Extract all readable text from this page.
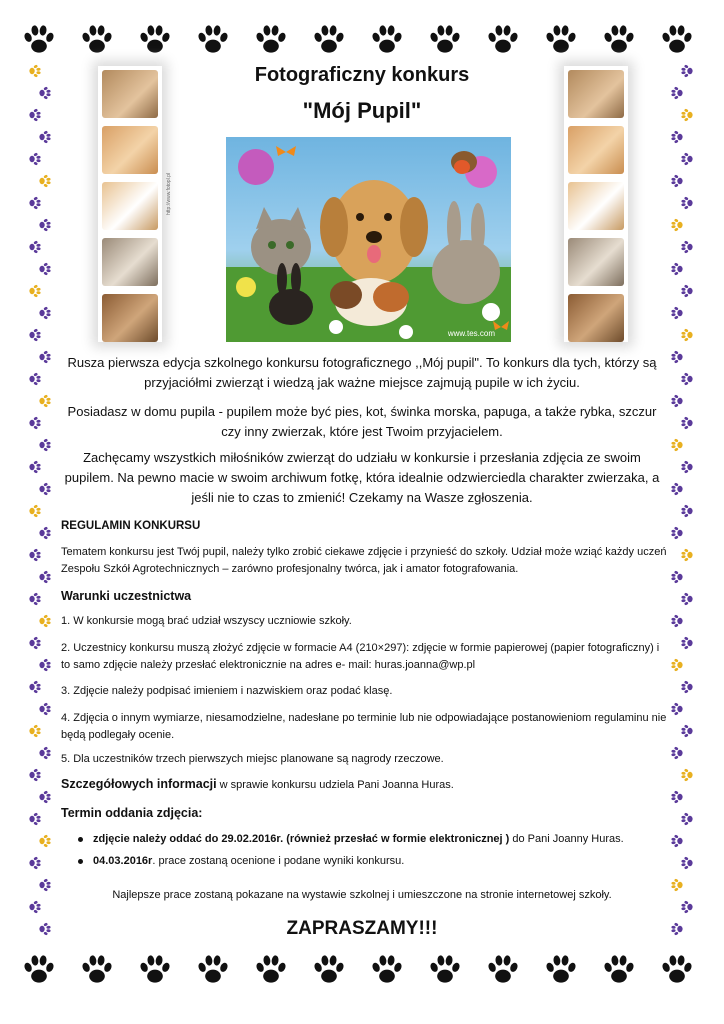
http://www.fotopl.pl
Fotograficzny konkurs
"Mój Pupil"
www.tes.com
Rusza pierwsza edycja szkolnego konkursu fotograficznego ,,Mój pupil". To konkurs dla tych, którzy są przyjaciółmi zwierząt i wiedzą jak ważne miejsce zajmują pupile w ich życiu.
Posiadasz w domu pupila - pupilem może być pies, kot, świnka morska, papuga, a także rybka, szczur czy inny zwierzak, które jest Twoim przyjacielem.
Zachęcamy wszystkich miłośników zwierząt do udziału w konkursie i przesłania zdjęcia ze swoim pupilem. Na pewno macie w swoim archiwum fotkę, która idealnie odzwierciedla charakter zwierzaka, a jeśli nie to czas to zmienić! Czekamy na Wasze zgłoszenia.
REGULAMIN KONKURSU
Tematem konkursu jest Twój pupil, należy tylko zrobić ciekawe zdjęcie i przynieść do szkoły. Udział może wziąć każdy uczeń Zespołu Szkół Agrotechnicznych – zarówno profesjonalny twórca, jak i amator fotografowania.
Warunki uczestnictwa
1. W konkursie mogą brać udział wszyscy uczniowie szkoły.
2. Uczestnicy konkursu muszą złożyć zdjęcie w formacie A4 (210×297): zdjęcie w formie papierowej (papier fotograficzny) i to samo zdjęcie należy przesłać elektronicznie na adres e- mail: huras.joanna@wp.pl
3. Zdjęcie należy podpisać imieniem i nazwiskiem oraz podać klasę.
4. Zdjęcia o innym wymiarze, niesamodzielne, nadesłane po terminie lub nie odpowiadające postanowieniom regulaminu nie będą podlegały ocenie.
5. Dla uczestników trzech pierwszych miejsc planowane są nagrody rzeczowe.
Szczegółowych informacji w sprawie konkursu udziela Pani Joanna Huras.
Termin oddania zdjęcia:
zdjęcie należy oddać do 29.02.2016r. (również przesłać w formie elektronicznej ) do Pani Joanny Huras.
04.03.2016r. prace zostaną ocenione i podane wyniki konkursu.
Najlepsze prace zostaną pokazane na wystawie szkolnej i umieszczone na stronie internetowej szkoły.
ZAPRASZAMY!!!
